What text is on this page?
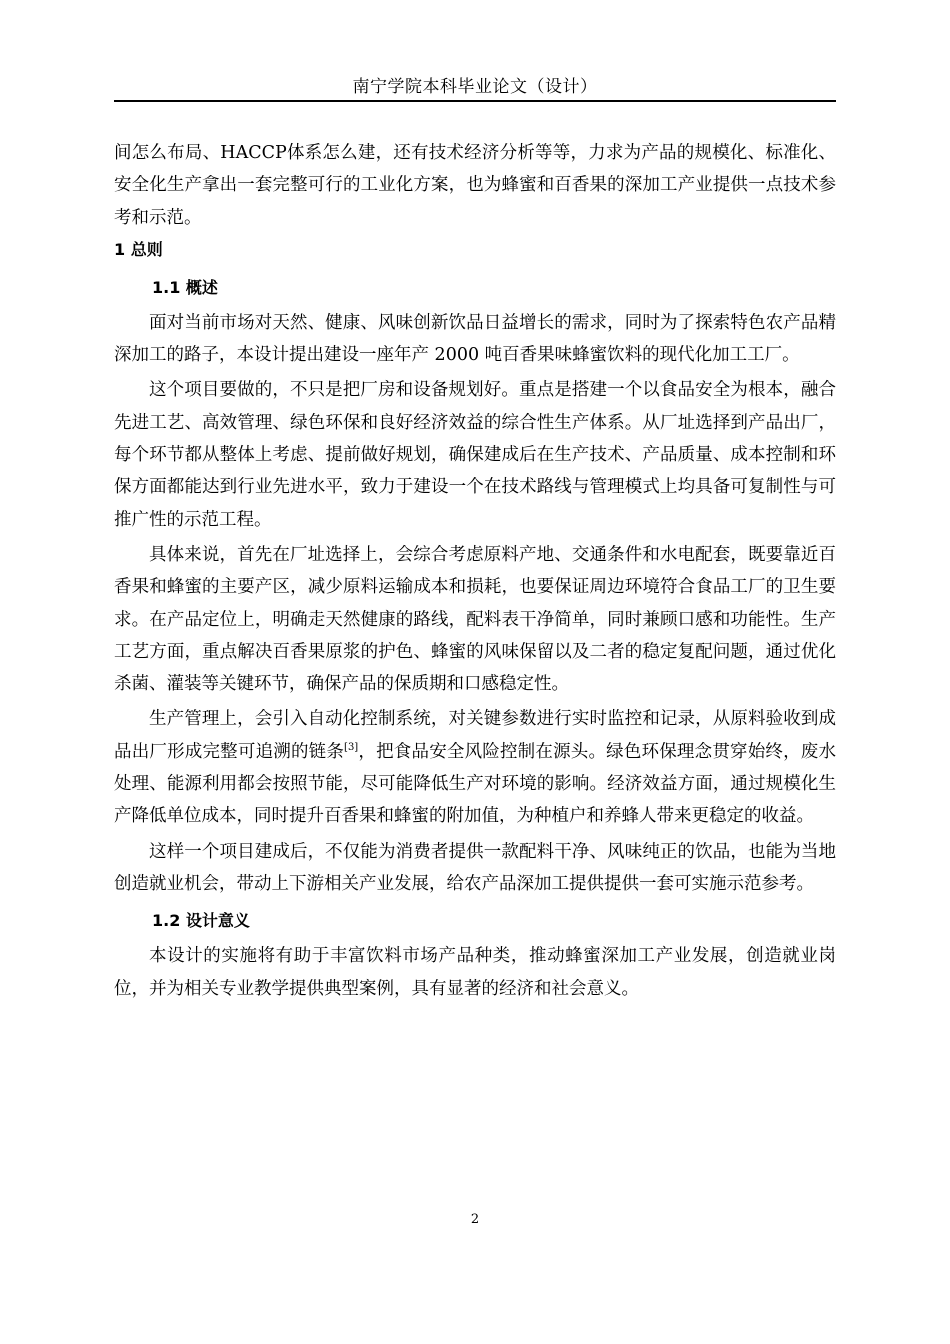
南宁学院本科毕业论文（设计）

间怎么布局、HACCP体系怎么建，还有技术经济分析等等，力求为产品的规模化、标准化、安全化生产拿出一套完整可行的工业化方案，也为蜂蜜和百香果的深加工产业提供一点技术参考和示范。

1 总则
1.1 概述

面对当前市场对天然、健康、风味创新饮品日益增长的需求，同时为了探索特色农产品精深加工的路子，本设计提出建设一座年产 2000 吨百香果味蜂蜜饮料的现代化加工工厂。

这个项目要做的，不只是把厂房和设备规划好。重点是搭建一个以食品安全为根本，融合先进工艺、高效管理、绿色环保和良好经济效益的综合性生产体系。从厂址选择到产品出厂，每个环节都从整体上考虑、提前做好规划，确保建成后在生产技术、产品质量、成本控制和环保方面都能达到行业先进水平，致力于建设一个在技术路线与管理模式上均具备可复制性与可推广性的示范工程。

具体来说，首先在厂址选择上，会综合考虑原料产地、交通条件和水电配套，既要靠近百香果和蜂蜜的主要产区，减少原料运输成本和损耗，也要保证周边环境符合食品工厂的卫生要求。在产品定位上，明确走天然健康的路线，配料表干净简单，同时兼顾口感和功能性。生产工艺方面，重点解决百香果原浆的护色、蜂蜜的风味保留以及二者的稳定复配问题，通过优化杀菌、灌装等关键环节，确保产品的保质期和口感稳定性。

生产管理上，会引入自动化控制系统，对关键参数进行实时监控和记录，从原料验收到成品出厂形成完整可追溯的链条[3]，把食品安全风险控制在源头。绿色环保理念贯穿始终，废水处理、能源利用都会按照节能，尽可能降低生产对环境的影响。经济效益方面，通过规模化生产降低单位成本，同时提升百香果和蜂蜜的附加值，为种植户和养蜂人带来更稳定的收益。

这样一个项目建成后，不仅能为消费者提供一款配料干净、风味纯正的饮品，也能为当地创造就业机会，带动上下游相关产业发展，给农产品深加工提供提供一套可实施示范参考。

1.2 设计意义

本设计的实施将有助于丰富饮料市场产品种类，推动蜂蜜深加工产业发展，创造就业岗位，并为相关专业教学提供典型案例，具有显著的经济和社会意义。

2
